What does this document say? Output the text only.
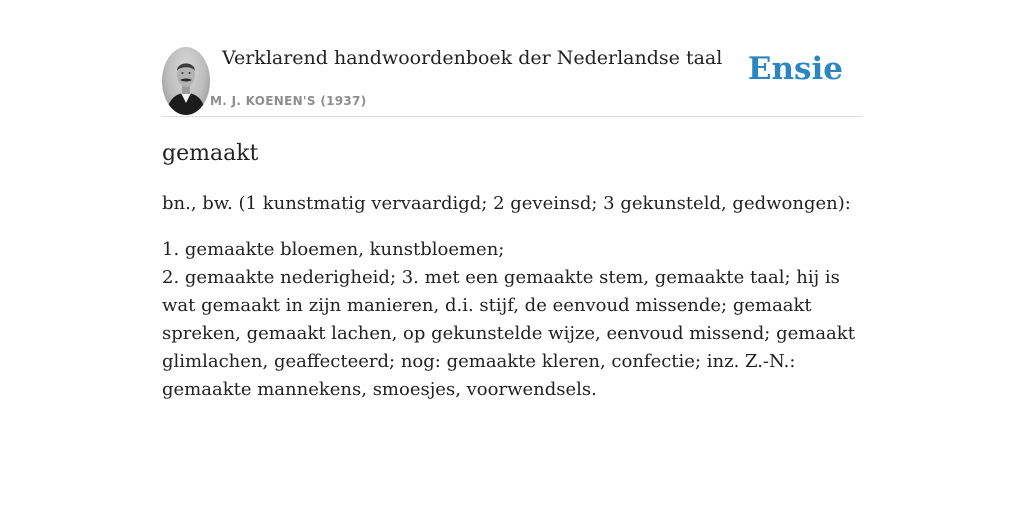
Verklarend handwoordenboek der Nederlandse taal
M. J. KOENEN'S (1937)
Ensie
gemaakt
bn., bw. (1 kunstmatig vervaardigd; 2 geveinsd; 3 gekunsteld, gedwongen):
1. gemaakte bloemen, kunstbloemen;
2. gemaakte nederigheid; 3. met een gemaakte stem, gemaakte taal; hij is wat gemaakt in zijn manieren, d.i. stijf, de eenvoud missende; gemaakt spreken, gemaakt lachen, op gekunstelde wijze, eenvoud missend; gemaakt glimlachen, geaffecteerd; nog: gemaakte kleren, confectie; inz. Z.-N.: gemaakte mannekens, smoesjes, voorwendsels.
